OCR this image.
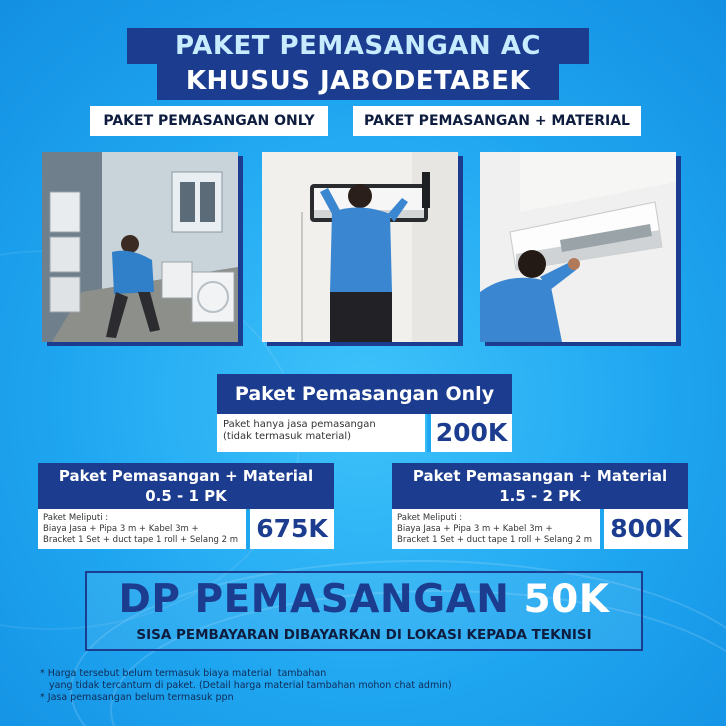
PAKET PEMASANGAN AC
KHUSUS JABODETABEK
PAKET PEMASANGAN ONLY	PAKET PEMASANGAN + MATERIAL
Paket Pemasangan Only
Paket hanya jasa pemasangan
(tidak termasuk material)	200K
Paket Pemasangan + Material
0.5 - 1 PK
Paket Meliputi :
Biaya Jasa + Pipa 3 m + Kabel 3m +
Bracket 1 Set + duct tape 1 roll + Selang 2 m 675K
Paket Pemasangan + Material
1.5 - 2 PK
Paket Meliputi :
Biaya Jasa + Pipa 3 m + Kabel 3m +
Bracket 1 Set + duct tape 1 roll + Selang 2 m 800K
DP PEMASANGAN 50K
SISA PEMBAYARAN DIBAYARKAN DI LOKASI KEPADA TEKNISI
* Harga tersebut belum termasuk biaya material  tambahan
yang tidak tercantum di paket. (Detail harga material tambahan mohon chat admin)
* Jasa pemasangan belum termasuk ppn
